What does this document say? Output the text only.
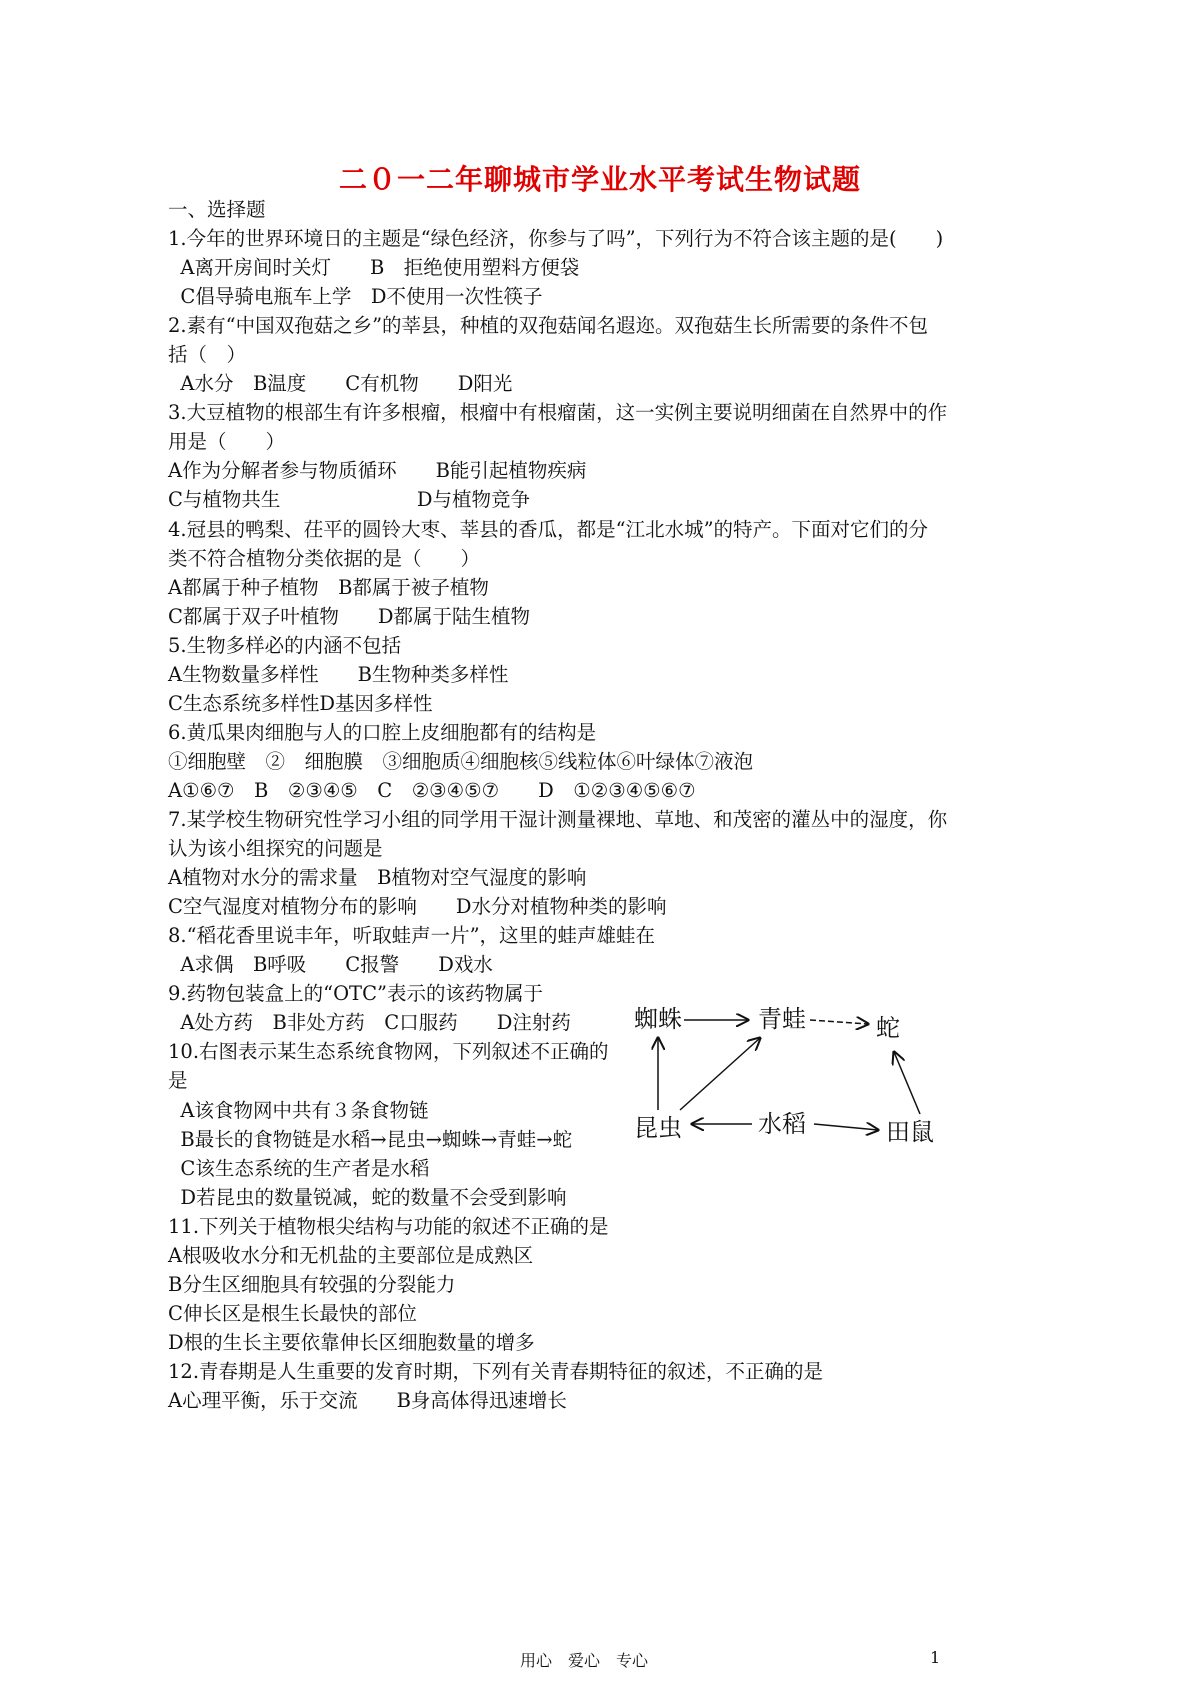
二０一二年聊城市学业水平考试生物试题
一、选择题
1.今年的世界环境日的主题是“绿色经济，你参与了吗”，下列行为不符合该主题的是(　　)
A离开房间时关灯　　B　拒绝使用塑料方便袋
C倡导骑电瓶车上学　D不使用一次性筷子
2.素有“中国双孢菇之乡”的莘县，种植的双孢菇闻名遐迩。双孢菇生长所需要的条件不包
括（　）
A水分　B温度　　C有机物　　D阳光
3.大豆植物的根部生有许多根瘤，根瘤中有根瘤菌，这一实例主要说明细菌在自然界中的作
用是（　　）
A作为分解者参与物质循环　　B能引起植物疾病
C与植物共生　　　　　　　D与植物竞争
4.冠县的鸭梨、茌平的圆铃大枣、莘县的香瓜，都是“江北水城”的特产。下面对它们的分
类不符合植物分类依据的是（　　）
A都属于种子植物　B都属于被子植物
C都属于双子叶植物　　D都属于陆生植物
5.生物多样必的内涵不包括
A生物数量多样性　　B生物种类多样性
C生态系统多样性D基因多样性
6.黄瓜果肉细胞与人的口腔上皮细胞都有的结构是
①细胞壁　②　细胞膜　③细胞质④细胞核⑤线粒体⑥叶绿体⑦液泡
A①⑥⑦　B　②③④⑤　C　②③④⑤⑦　　D　①②③④⑤⑥⑦
7.某学校生物研究性学习小组的同学用干湿计测量裸地、草地、和茂密的灌丛中的湿度，你
认为该小组探究的问题是
A植物对水分的需求量　B植物对空气湿度的影响
C空气湿度对植物分布的影响　　D水分对植物种类的影响
8.“稻花香里说丰年，听取蛙声一片”，这里的蛙声雄蛙在
A求偶　B呼吸　　C报警　　D戏水
9.药物包装盒上的“OTC”表示的该药物属于
A处方药　B非处方药　C口服药　　D注射药
10.右图表示某生态系统食物网，下列叙述不正确的
是
A该食物网中共有３条食物链
B最长的食物链是水稻→昆虫→蜘蛛→青蛙→蛇
C该生态系统的生产者是水稻
D若昆虫的数量锐减，蛇的数量不会受到影响
11.下列关于植物根尖结构与功能的叙述不正确的是
A根吸收水分和无机盐的主要部位是成熟区
B分生区细胞具有较强的分裂能力
C伸长区是根生长最快的部位
D根的生长主要依靠伸长区细胞数量的增多
12.青春期是人生重要的发育时期，下列有关青春期特征的叙述，不正确的是
A心理平衡，乐于交流　　B身高体得迅速增长
蜘蛛	青蛙	蛇
昆虫	水稻	田鼠
用心　爱心　专心	1
